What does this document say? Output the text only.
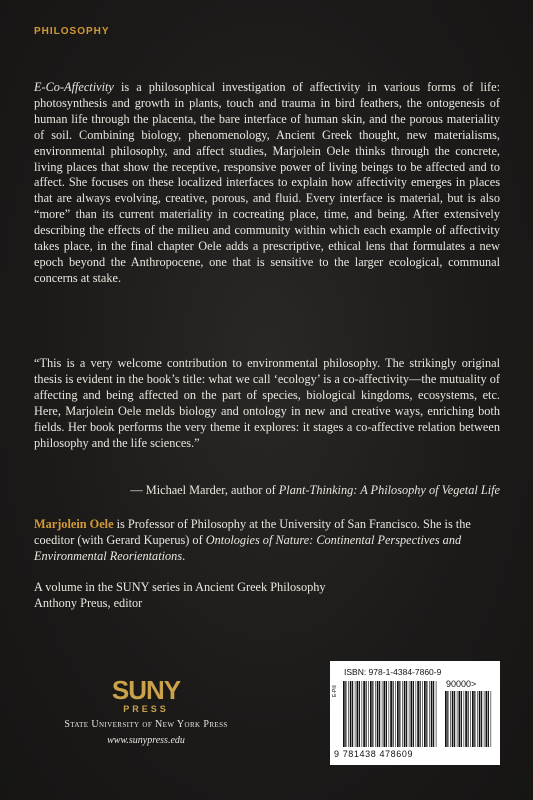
PHILOSOPHY
E-Co-Affectivity is a philosophical investigation of affectivity in various forms of life: photosynthesis and growth in plants, touch and trauma in bird feathers, the ontogenesis of human life through the placenta, the bare interface of human skin, and the porous materiality of soil. Combining biology, phenomenology, Ancient Greek thought, new materialisms, environmental philosophy, and affect studies, Marjolein Oele thinks through the concrete, living places that show the receptive, responsive power of living beings to be affected and to affect. She focuses on these localized interfaces to explain how affectivity emerges in places that are always evolving, creative, porous, and fluid. Every interface is material, but is also “more” than its current materiality in cocreating place, time, and being. After extensively describing the effects of the milieu and community within which each example of affectivity takes place, in the final chapter Oele adds a prescriptive, ethical lens that formulates a new epoch beyond the Anthropocene, one that is sensitive to the larger ecological, communal concerns at stake.
“This is a very welcome contribution to environmental philosophy. The strikingly original thesis is evident in the book’s title: what we call ‘ecology’ is a co-affectivity—the mutuality of affecting and being affected on the part of species, biological kingdoms, ecosystems, etc. Here, Marjolein Oele melds biology and ontology in new and creative ways, enriching both fields. Her book performs the very theme it explores: it stages a co-affective relation between philosophy and the life sciences.”
— Michael Marder, author of Plant-Thinking: A Philosophy of Vegetal Life
Marjolein Oele is Professor of Philosophy at the University of San Francisco. She is the coeditor (with Gerard Kuperus) of Ontologies of Nature: Continental Perspectives and Environmental Reorientations.
A volume in the SUNY series in Ancient Greek Philosophy
Anthony Preus, editor
SUNY
PRESS
State University of New York Press
www.sunypress.edu
ISBN: 978-1-4384-7860-9
E-Pill
90000>
9 781438 478609
